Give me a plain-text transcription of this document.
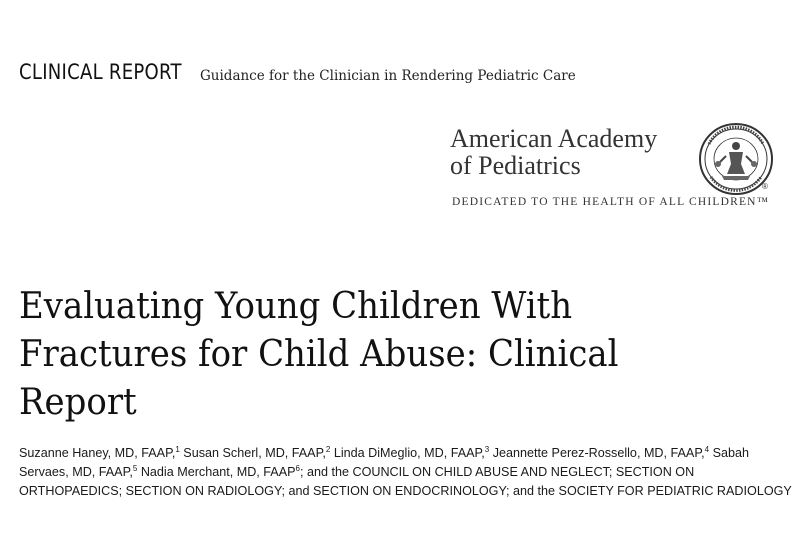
CLINICAL REPORT Guidance for the Clinician in Rendering Pediatric Care
American Academy
of Pediatrics
DEDICATED TO THE HEALTH OF ALL CHILDREN™
®
Evaluating Young Children With
Fractures for Child Abuse: Clinical
Report
Suzanne Haney, MD, FAAP,$^1$ Susan Scherl, MD, FAAP,$^2$ Linda DiMeglio, MD, FAAP,$^3$ Jeannette Perez-Rossello, MD, FAAP,$^4$ Sabah Servaes, MD, FAAP,$^5$ Nadia Merchant, MD, FAAP$^6$; and the COUNCIL ON CHILD ABUSE AND NEGLECT; SECTION ON ORTHOPAEDICS; SECTION ON RADIOLOGY; and SECTION ON ENDOCRINOLOGY; and the SOCIETY FOR PEDIATRIC RADIOLOGY
